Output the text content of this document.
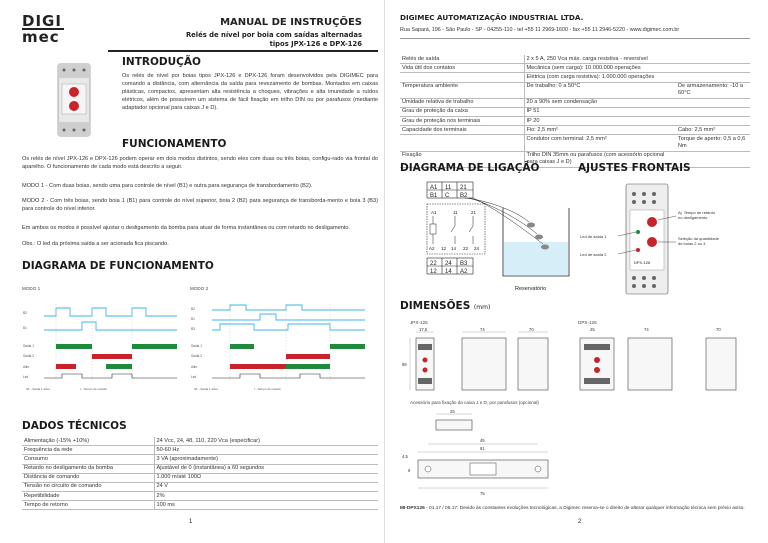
DIGI
mec
MANUAL DE INSTRUÇÕES
Relés de nível por boia com saídas alternadas
tipos JPX-126 e DPX-126
INTRODUÇÃO
Os relés de nível por boias tipos JPX-126 e DPX-126 foram desenvolvidos pela DIGIMEC para comando a distância, com alternância da saída para revezamento de bombas. Montados em caixas plásticas, compactos, apresentam alta resistência a choques, vibrações e alta imunidade a ruídos elétricos, além de possuírem um sistema de fácil fixação em trilho DIN ou por parafusos (mediante adaptador opcional para caixas J e D).
FUNCIONAMENTO
Os relés de nível JPX-126 e DPX-126 podem operar em dois modos distintos, sendo eles com duas ou três boias, configu-rado via frontal do aparelho. O funcionamento de cada modo está descrito a seguir.
MODO 1 - Com duas boias, sendo uma para controle de nível (B1) e outra para segurança de transbordamento (B2).
MODO 2 - Com três boias, sendo boia 1 (B1) para controle do nível superior, boia 2 (B2) para segurança de transborda-mento e boia 3 (B3) para controle do nível inferior.
Em ambos os modos é possível ajustar o desligamento da bomba para atuar de forma instantânea ou com retardo no desligamento.
Obs.: O led da próxima saída a ser acionada fica piscando.
DIAGRAMA DE FUNCIONAMENTO
MODO 1	MODO 2
B2
B1
Saída 1
Saída 2
Alim.
Led
S1 - Saída 1 ativa	t - Tempo de retardo
B2
B1
B3
Saída 1
Saída 2
Alim.
Led
S1 - Saída 1 ativa	t - Tempo de retardo
DADOS TÉCNICOS
Alimentação (-15% +10%)	24 Vcc, 24, 48, 110, 220 Vca (especificar)
Frequência da rede	50-60 Hz
Consumo	3 VA (aproximadamente)
Retardo no desligamento da bomba	Ajustável de 0 (instantânea) a 60 segundos
Distância de comando	1.000 m/até 100Ω
Tensão no circuito de comando	24 V
Repetibilidade	2%
Tempo de retorno	100 ms
1
DIGIMEC AUTOMATIZAÇÃO INDUSTRIAL LTDA.
Rua Sapará, 196 - São Paulo - SP - 04255-110 - tel +55 11 2969-1600 - fax +55 11 2946-5220 - www.digimec.com.br
Relés de saída	2 x 5 A, 250 Vca máx. carga resistiva - reversível	
Vida útil dos contatos	Mecânica (sem carga): 10.000.000 operações	
	Elétrica (com carga resistiva): 1.000.000 operações	
Temperatura ambiente	De trabalho: 0 a 50°C	De armazenamento: -10 a 60°C
Umidade relativa de trabalho	20 a 90% sem condensação	
Grau de proteção da caixa	IP 51	
Grau de proteção nos terminais	IP 20	
Capacidade dos terminais	Fio: 2,5 mm²	Cabo: 2,5 mm²
	Condutor com terminal: 2,5 mm²	Torque de aperto: 0,5 a 0,6 Nm
Fixação	Trilho DIN 35mm ou parafusos (com acessório opcional para caixas J e D)	
DIAGRAMA DE LIGAÇÃO	AJUSTES FRONTAIS
A1 11 21
B1 C B2
22 24 B3
12 14 A2
A1	11	21
A2 12 14 22 24
Reservatório
DPX-126
Led de saída 1
Led de saída 2
Aj. Tempo de retardo
no desligamento
Seleção da quantidade
de boias 2 ou 3
DIMENSÕES (mm)
JPX-126	DPX-126
17,5	74	70
68
25	74	70
Acessório para fixação da caixa J e D, por parafusos (opcional)
25
45
61
4,5
6
75
MI-DPX126 - 01.17 / 06.17: Devido às constantes evoluções tecnológicas, a Digimec reserva-se o direito de alterar qualquer informação técnica sem prévio aviso.
2
